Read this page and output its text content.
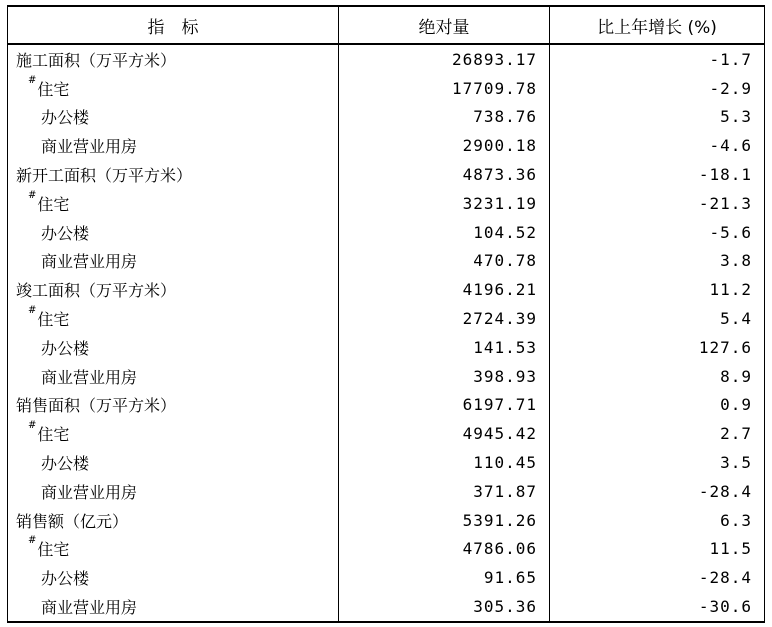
指　标	绝对量	比上年增长 (%)
施工面积（万平方米）	26893.17	-1.7
#住宅	17709.78	-2.9
办公楼	738.76	5.3
商业营业用房	2900.18	-4.6
新开工面积（万平方米）	4873.36	-18.1
#住宅	3231.19	-21.3
办公楼	104.52	-5.6
商业营业用房	470.78	3.8
竣工面积（万平方米）	4196.21	11.2
#住宅	2724.39	5.4
办公楼	141.53	127.6
商业营业用房	398.93	8.9
销售面积（万平方米）	6197.71	0.9
#住宅	4945.42	2.7
办公楼	110.45	3.5
商业营业用房	371.87	-28.4
销售额（亿元）	5391.26	6.3
#住宅	4786.06	11.5
办公楼	91.65	-28.4
商业营业用房	305.36	-30.6
